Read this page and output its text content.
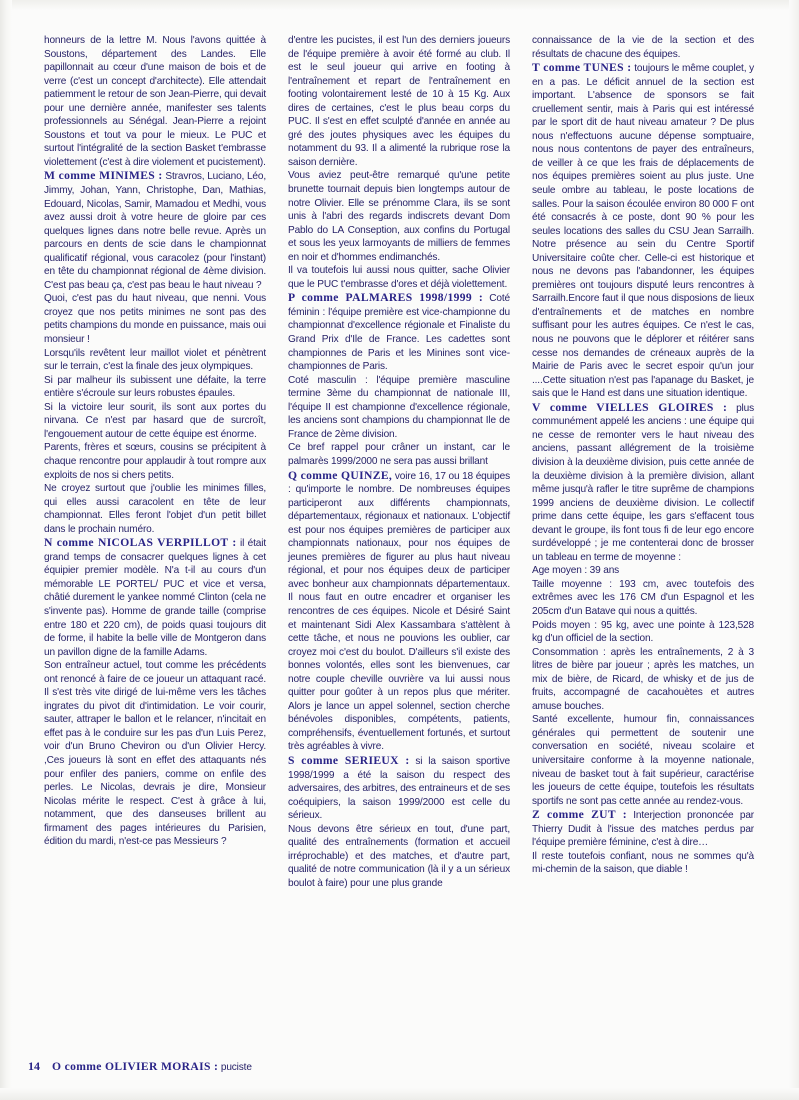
honneurs de la lettre M. Nous l'avons quittée à Soustons, département des Landes. Elle papillonnait au cœur d'une maison de bois et de verre (c'est un concept d'architecte). Elle attendait patiemment le retour de son Jean-Pierre, qui devait pour une dernière année, manifester ses talents professionnels au Sénégal. Jean-Pierre a rejoint Soustons et tout va pour le mieux. Le PUC et surtout l'intégralité de la section Basket t'embrasse violettement (c'est à dire violement et pucistement).

M comme MINIMES : Stravros, Luciano, Léo, Jimmy, Johan, Yann, Christophe, Dan, Mathias, Edouard, Nicolas, Samir, Mamadou et Medhi, vous avez aussi droit à votre heure de gloire par ces quelques lignes dans notre belle revue. Après un parcours en dents de scie dans le championnat qualificatif régional, vous caracolez (pour l'instant) en tête du championnat régional de 4ème division. C'est pas beau ça, c'est pas beau le haut niveau ?

Quoi, c'est pas du haut niveau, que nenni. Vous croyez que nos petits minimes ne sont pas des petits champions du monde en puissance, mais oui monsieur !

Lorsqu'ils revêtent leur maillot violet et pénètrent sur le terrain, c'est la finale des jeux olympiques.

Si par malheur ils subissent une défaite, la terre entière s'écroule sur leurs robustes épaules.

Si la victoire leur sourit, ils sont aux portes du nirvana. Ce n'est par hasard que de surcroît, l'engouement autour de cette équipe est énorme.

Parents, frères et sœurs, cousins se précipitent à chaque rencontre pour applaudir à tout rompre aux exploits de nos si chers petits.

Ne croyez surtout que j'oublie les minimes filles, qui elles aussi caracolent en tête de leur championnat. Elles feront l'objet d'un petit billet dans le prochain numéro.

N comme NICOLAS VERPILLOT : il était grand temps de consacrer quelques lignes à cet équipier premier modèle. N'a t-il au cours d'un mémorable LE PORTEL/ PUC et vice et versa, châtié durement le yankee nommé Clinton (cela ne s'invente pas). Homme de grande taille (comprise entre 180 et 220 cm), de poids quasi toujours dit de forme, il habite la belle ville de Montgeron dans un pavillon digne de la famille Adams.

Son entraîneur actuel, tout comme les précédents ont renoncé à faire de ce joueur un attaquant racé. Il s'est très vite dirigé de lui-même vers les tâches ingrates du pivot dit d'intimidation. Le voir courir, sauter, attraper le ballon et le relancer, n'incitait en effet pas à le conduire sur les pas d'un Luis Perez, voir d'un Bruno Cheviron ou d'un Olivier Hercy. ,Ces joueurs là sont en effet des attaquants nés pour enfiler des paniers, comme on enfile des perles. Le Nicolas, devrais je dire, Monsieur Nicolas mérite le respect. C'est à grâce à lui, notamment, que des danseuses brillent au firmament des pages intérieures du Parisien, édition du mardi, n'est-ce pas Messieurs ?

d'entre les pucistes, il est l'un des derniers joueurs de l'équipe première à avoir été formé au club. Il est le seul joueur qui arrive en footing à l'entraînement et repart de l'entraînement en footing volontairement lesté de 10 à 15 Kg. Aux dires de certaines, c'est le plus beau corps du PUC. Il s'est en effet sculpté d'année en année au gré des joutes physiques avec les équipes du notamment du 93. Il a alimenté la rubrique rose la saison dernière.

Vous aviez peut-être remarqué qu'une petite brunette tournait depuis bien longtemps autour de notre Olivier. Elle se prénomme Clara, ils se sont unis à l'abri des regards indiscrets devant Dom Pablo do LA Conseption, aux confins du Portugal et sous les yeux larmoyants de milliers de femmes en noir et d'hommes endimanchés.

Il va toutefois lui aussi nous quitter, sache Olivier que le PUC t'embrasse d'ores et déjà violettement.

P comme PALMARES 1998/1999 : Coté féminin : l'équipe première est vice-championne du championnat d'excellence régionale et Finaliste du Grand Prix d'Ile de France. Les cadettes sont championnes de Paris et les Minines sont vice-championnes de Paris.

Coté masculin : l'équipe première masculine termine 3ème du championnat de nationale III, l'équipe II est championne d'excellence régionale, les anciens sont champions du championnat Ile de France de 2ème division.

Ce bref rappel pour crâner un instant, car le palmarès 1999/2000 ne sera pas aussi brillant

Q comme QUINZE, voire 16, 17 ou 18 équipes : qu'importe le nombre. De nombreuses équipes participeront aux différents championnats, départementaux, régionaux et nationaux. L'objectif est pour nos équipes premières de participer aux championnats nationaux, pour nos équipes de jeunes premières de figurer au plus haut niveau régional, et pour nos équipes deux de participer avec bonheur aux championnats départementaux. Il nous faut en outre encadrer et organiser les rencontres de ces équipes. Nicole et Désiré Saint et maintenant Sidi Alex Kassambara s'attèlent à cette tâche, et nous ne pouvions les oublier, car croyez moi c'est du boulot. D'ailleurs s'il existe des bonnes volontés, elles sont les bienvenues, car notre couple cheville ouvrière va lui aussi nous quitter pour goûter à un repos plus que mériter. Alors je lance un appel solennel, section cherche bénévoles disponibles, compétents, patients, compréhensifs, éventuellement fortunés, et surtout très agréables à vivre.

S comme SERIEUX : si la saison sportive 1998/1999 a été la saison du respect des adversaires, des arbitres, des entraineurs et de ses coéquipiers, la saison 1999/2000 est celle du sérieux.

Nous devons être sérieux en tout, d'une part, qualité des entraînements (formation et accueil irréprochable) et des matches, et d'autre part, qualité de notre communication (là il y a un sérieux boulot à faire) pour une plus grande

connaissance de la vie de la section et des résultats de chacune des équipes.

T comme TUNES : toujours le même couplet, y en a pas. Le déficit annuel de la section est important. L'absence de sponsors se fait cruellement sentir, mais à Paris qui est intéressé par le sport dit de haut niveau amateur ? De plus nous n'effectuons aucune dépense somptuaire, nous nous contentons de payer des entraîneurs, de veiller à ce que les frais de déplacements de nos équipes premières soient au plus juste. Une seule ombre au tableau, le poste locations de salles. Pour la saison écoulée environ 80 000 F ont été consacrés à ce poste, dont 90 % pour les seules locations des salles du CSU Jean Sarrailh. Notre présence au sein du Centre Sportif Universitaire coûte cher. Celle-ci est historique et nous ne devons pas l'abandonner, les équipes premières ont toujours disputé leurs rencontres à Sarrailh.Encore faut il que nous disposions de lieux d'entraînements et de matches en nombre suffisant pour les autres équipes. Ce n'est le cas, nous ne pouvons que le déplorer et réitérer sans cesse nos demandes de créneaux auprès de la Mairie de Paris avec le secret espoir qu'un jour ....Cette situation n'est pas l'apanage du Basket, je sais que le Hand est dans une situation identique.

V comme VIELLES GLOIRES : plus communément appelé les anciens : une équipe qui ne cesse de remonter vers le haut niveau des anciens, passant allégrement de la troisième division à la deuxième division, puis cette année de la deuxième division à la première division, allant même jusqu'à rafler le titre suprême de champions 1999 anciens de deuxième division. Le collectif prime dans cette équipe, les gars s'effacent tous devant le groupe, ils font tous fi de leur ego encore surdéveloppé ; je me contenterai donc de brosser un tableau en terme de moyenne :

Age moyen : 39 ans

Taille moyenne : 193 cm, avec toutefois des extrêmes avec les 176 CM d'un Espagnol et les 205cm d'un Batave qui nous a quittés.

Poids moyen : 95 kg, avec une pointe à 123,528 kg d'un officiel de la section.

Consommation : après les entraînements, 2 à 3 litres de bière par joueur ; après les matches, un mix de bière, de Ricard, de whisky et de jus de fruits, accompagné de cacahouètes et autres amuse bouches.

Santé excellente, humour fin, connaissances générales qui permettent de soutenir une conversation en société, niveau scolaire et universitaire conforme à la moyenne nationale, niveau de basket tout à fait supérieur, caractérise les joueurs de cette équipe, toutefois les résultats sportifs ne sont pas cette année au rendez-vous.

Z comme ZUT : Interjection prononcée par Thierry Dudit à l'issue des matches perdus par l'équipe première féminine, c'est à dire…

Il reste toutefois confiant, nous ne sommes qu'à mi-chemin de la saison, que diable !

14 O comme OLIVIER MORAIS : puciste
